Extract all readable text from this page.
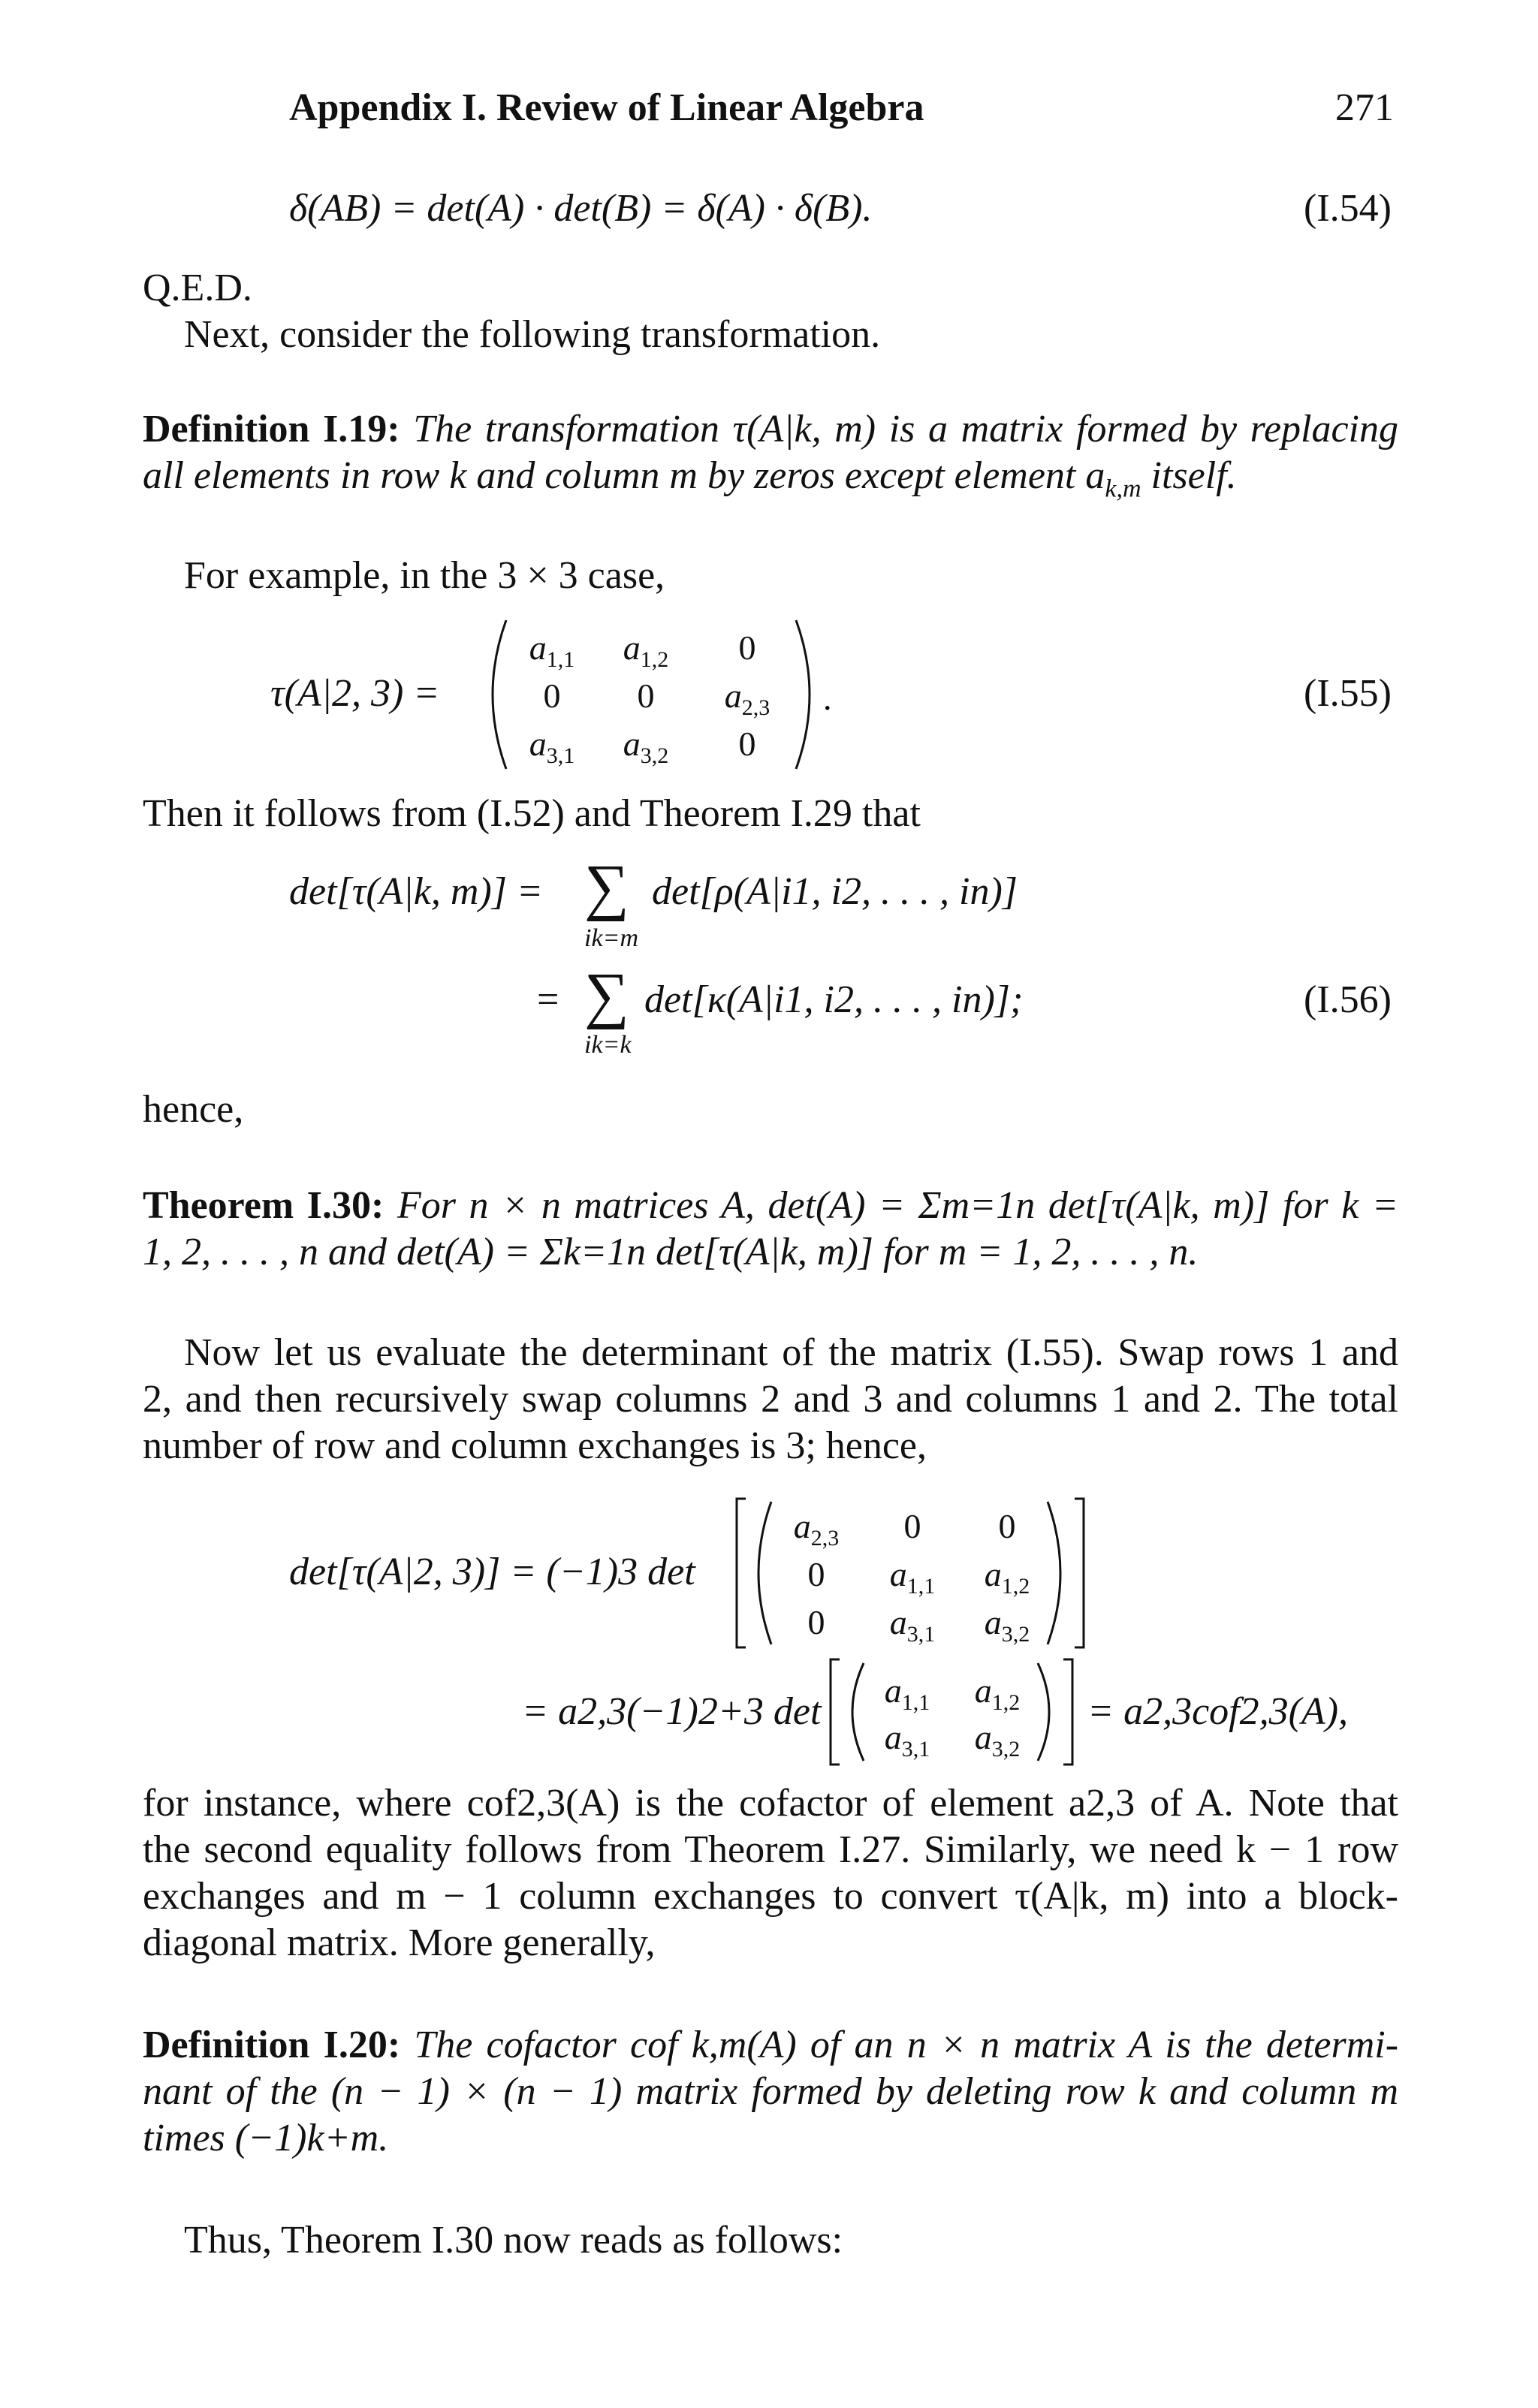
Appendix I. Review of Linear Algebra	271
δ(AB) = det(A) · det(B) = δ(A) · δ(B).	(I.54)
Q.E.D.
Next, consider the following transformation.
Definition I.19: The transformation τ(A|k, m) is a matrix formed by replacing
all elements in row k and column m by zeros except element $a_{k,m}$ itself.
For example, in the 3 × 3 case,
τ(A|2, 3) =
$a_{1,1}$ $a_{1,2}$ 0
0 0 $a_{2,3}$
$a_{3,1}$ $a_{3,2}$ 0
.	(I.55)
Then it follows from (I.52) and Theorem I.29 that
det[τ(A|k, m)] = ∑
ik=m
det[ρ(A|i1, i2, . . . , in)]
= ∑
ik=k
det[κ(A|i1, i2, . . . , in)];	(I.56)
hence,
Theorem I.30: For n × n matrices A, det(A) = Σm=1n det[τ(A|k, m)] for k =
1, 2, . . . , n and det(A) = Σk=1n det[τ(A|k, m)] for m = 1, 2, . . . , n.
Now let us evaluate the determinant of the matrix (I.55). Swap rows 1 and
2, and then recursively swap columns 2 and 3 and columns 1 and 2. The total
number of row and column exchanges is 3; hence,
det[τ(A|2, 3)] = (−1)3 det
$a_{2,3}$ 0 0
0 $a_{1,1}$ $a_{1,2}$
0 $a_{3,1}$ $a_{3,2}$
= a2,3(−1)2+3 $\det a_{1,1}$ $a_{1,2}$
$a_{3,1}$ $a_{3,2}$
= a2,3cof2,3(A),
for instance, where cof2,3(A) is the cofactor of element a2,3 of A. Note that
the second equality follows from Theorem I.27. Similarly, we need k − 1 row
exchanges and m − 1 column exchanges to convert τ(A|k, m) into a block-
diagonal matrix. More generally,
Definition I.20: The cofactor cof k,m(A) of an n × n matrix A is the determi-
nant of the (n − 1) × (n − 1) matrix formed by deleting row k and column m
times (−1)k+m.
Thus, Theorem I.30 now reads as follows:
